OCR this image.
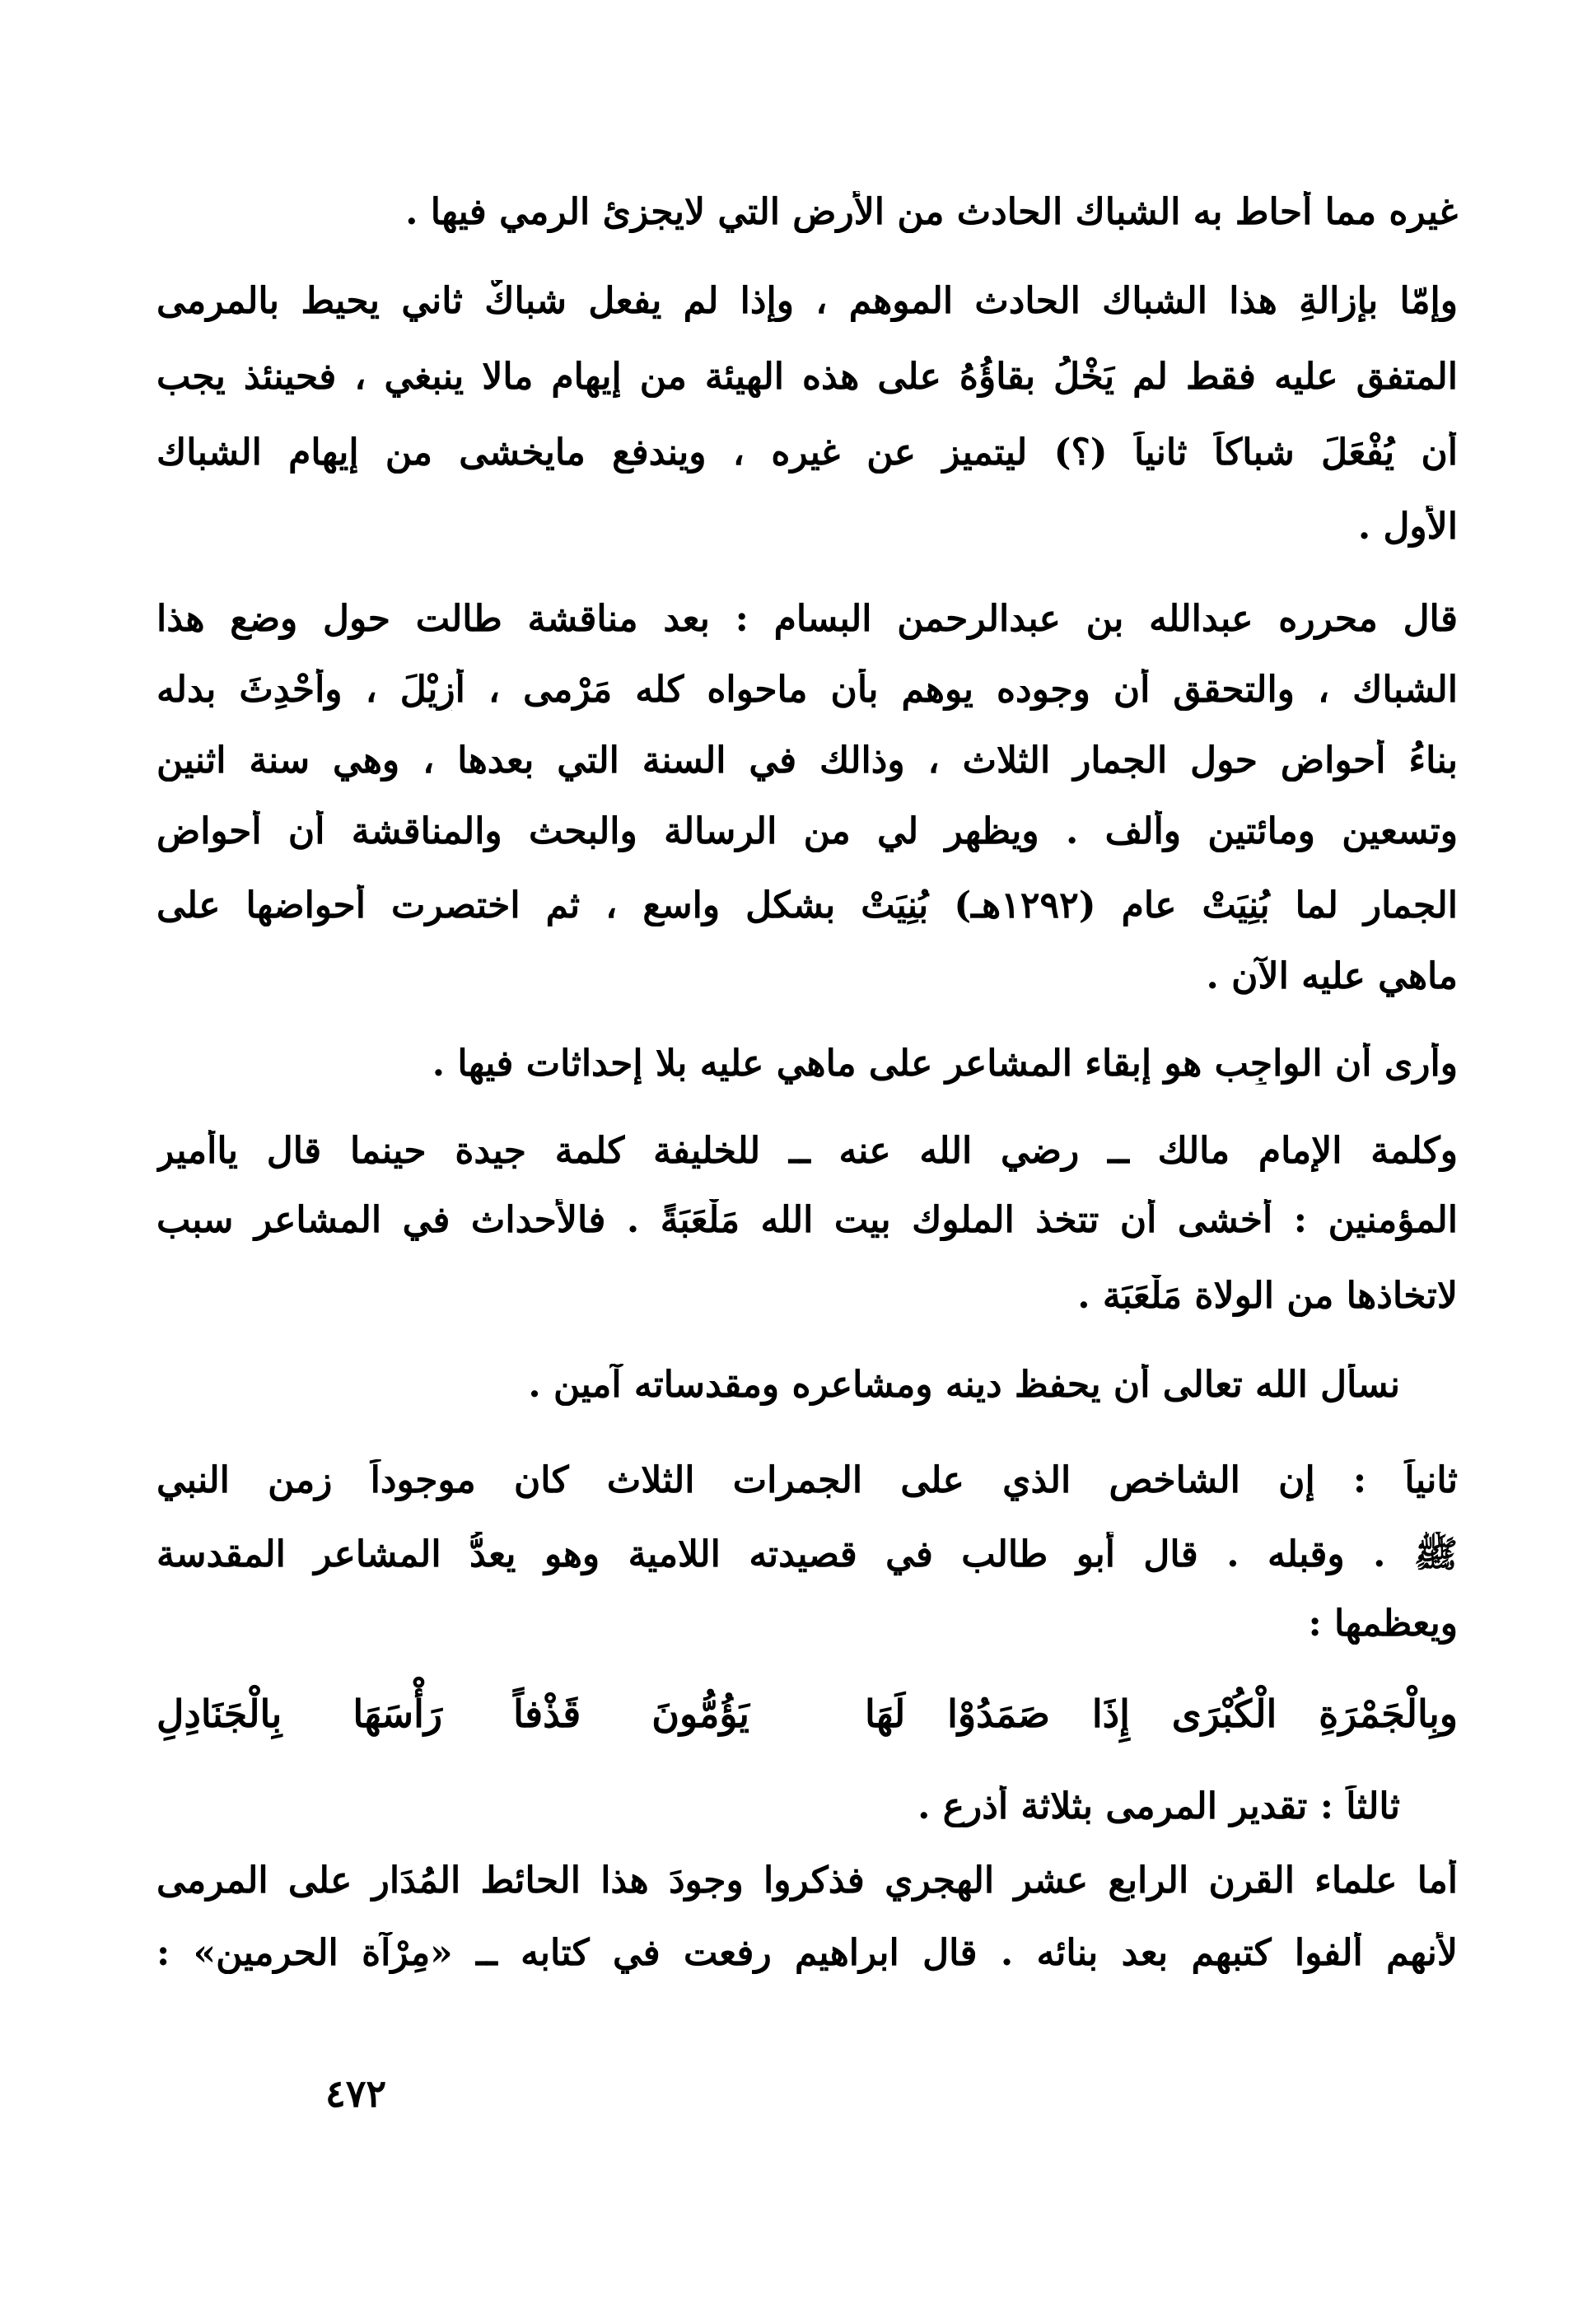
غيره مما أحاط به الشباك الحادث من الأرض التي لايجزئ الرمي فيها .
وإمّا بإزالةِ هذا الشباك الحادث الموهم ، وإذا لم يفعل شباكٌ ثاني يحيط بالمرمى
المتفق عليه فقط لم يَخْلُ بقاؤُهُ على هذه الهيئة من إيهامِ مالا ينبغي ، فحينئذ يجب
أن يُفْعَلَ شباكاً ثانياً (؟) ليتميز عن غيره ، ويندفع مايخشى من إيهام الشباك
الأول .
قال محرره عبدالله بن عبدالرحمن البسام : بعد مناقشة طالت حول وضع هذا
الشباك ، والتحقق أن وجوده يوهم بأن ماحواه كله مَرْمى ، أُزِيْلَ ، وأُحْدِثَ بدله
بناءُ أحواضٍ حول الجمار الثلاث ، وذالك في السنة التي بعدها ، وهي سنة اثنين
وتسعين ومائتين وألف . ويظهر لي من الرسالة والبحث والمناقشة أن أحواض
الجمار لما بُنِيَتْ عام (١٢٩٢هـ) بُنِيَتْ بشكل واسع ، ثم اختصرت أحواضها على
ماهي عليه الآن .
وأرى أن الواجِب هو إبقاء المشاعر على ماهي عليه بلا إحداثات فيها .
وكلمة الإمام مالك ــ رضي الله عنه ــ للخليفة كلمة جيدة حينما قال ياأمير
المؤمنين : أخشى أن تتخذ الملوك بيت الله مَلْعَبَةً . فالأحداث في المشاعر سبب
لاتخاذها من الولاة مَلْعَبَة .
نسأل الله تعالى أن يحفظ دينه ومشاعره ومقدساته آمين .
ثانياً : إن الشاخص الذي على الجمرات الثلاث كان موجوداً زمن النبي
ﷺ . وقبله . قال أبو طالب في قصيدته اللامية وهو يعدُّ المشاعر المقدسة
ويعظمها :
وبِالْجَمْرَةِ الْكُبْرَى إِذَا صَمَدُوْا لَهَا
يَؤُمُّونَ قَذْفاً رَأْسَهَا بِالْجَنَادِلِ
ثالثاً : تقدير المرمى بثلاثة أذرع .
أما علماء القرن الرابع عشر الهجري فذكروا وجودَ هذا الحائط المُدَارِ على المرمى
لأنهم ألفوا كتبهم بعد بنائه . قال ابراهيم رفعت في كتابه ــ «مِرْآة الحرمين» :
٤٧٢
